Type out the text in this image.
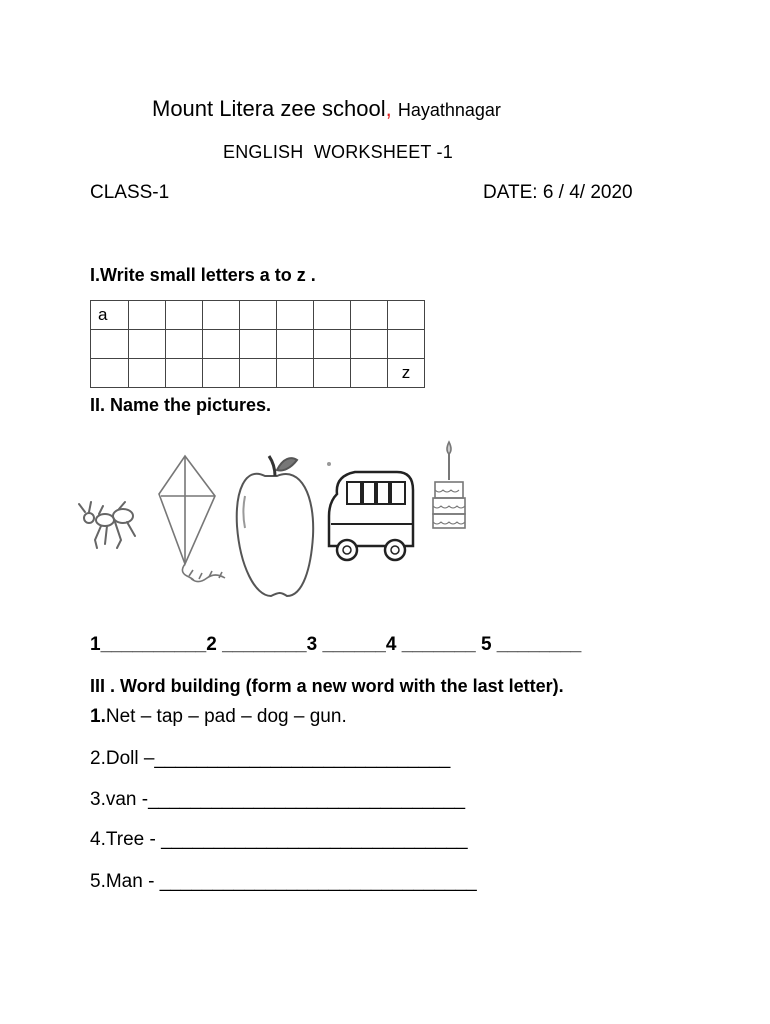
Mount Litera zee school, Hayathnagar
ENGLISH  WORKSHEET -1
CLASS-1	DATE: 6 / 4/ 2020
I.Write small letters a to z .
a								

								z
II. Name the pictures.
1__________2 ________3 ______4 _______ 5 ________
III . Word building (form a new word with the last letter).
1.Net – tap – pad – dog – gun.
2.Doll –____________________________
3.van -______________________________
4.Tree - _____________________________
5.Man - ______________________________
